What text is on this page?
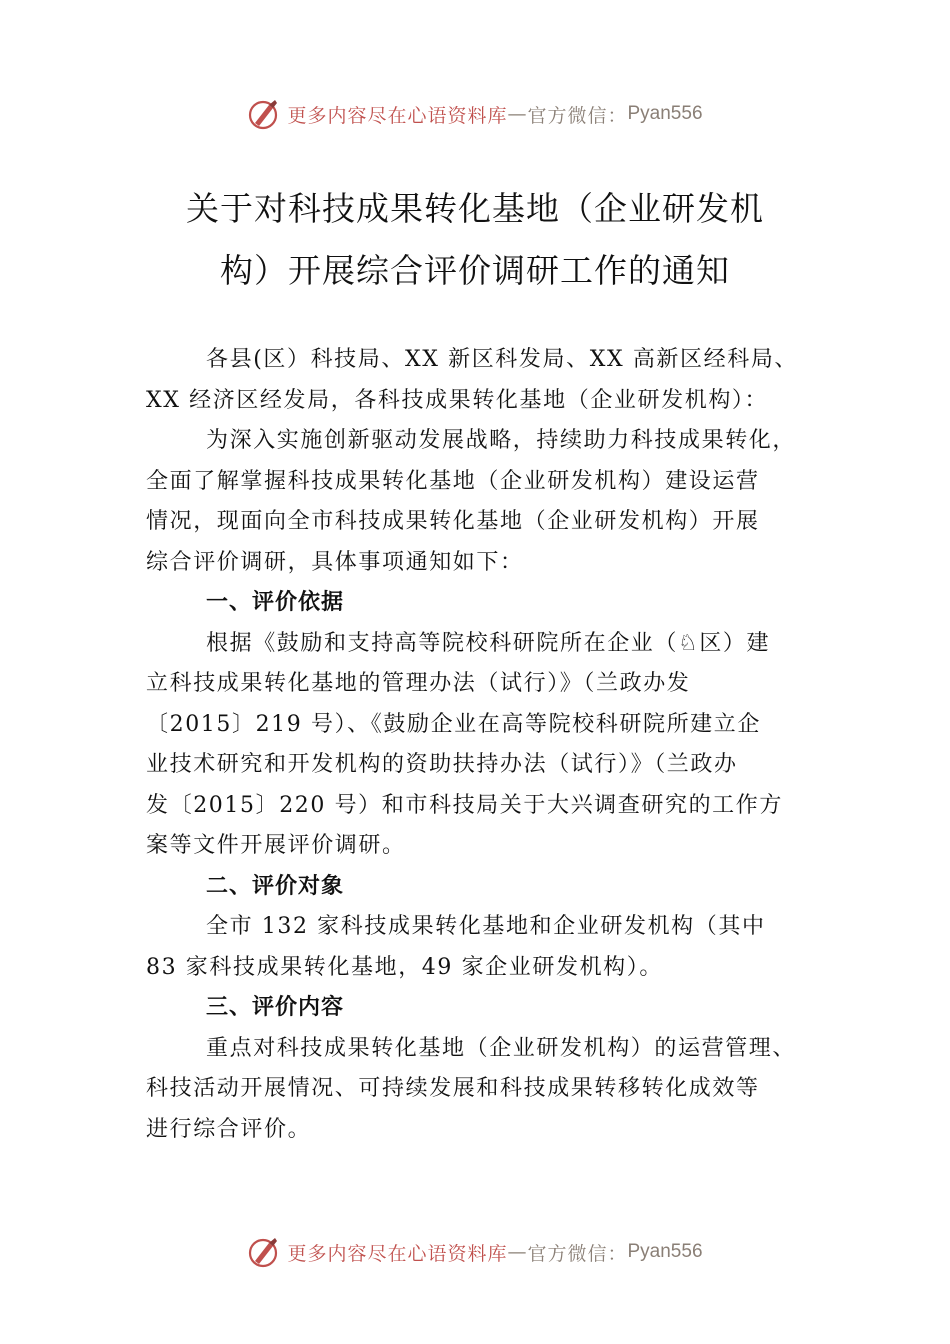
更多内容尽在心语资料库 — 官方微信： Pyan556
关于对科技成果转化基地（企业研发机
构）开展综合评价调研工作的通知
各县(区）科技局、XX 新区科发局、XX 高新区经科局、
XX 经济区经发局，各科技成果转化基地（企业研发机构）：
为深入实施创新驱动发展战略，持续助力科技成果转化，
全面了解掌握科技成果转化基地（企业研发机构）建设运营
情况，现面向全市科技成果转化基地（企业研发机构）开展
综合评价调研，具体事项通知如下：
一、评价依据
根据《鼓励和支持高等院校科研院所在企业（♘区）建
立科技成果转化基地的管理办法（试行）》（兰政办发
〔2015〕219 号）、《鼓励企业在高等院校科研院所建立企
业技术研究和开发机构的资助扶持办法（试行）》（兰政办
发〔2015〕220 号）和市科技局关于大兴调查研究的工作方
案等文件开展评价调研。
二、评价对象
全市 132 家科技成果转化基地和企业研发机构（其中
83 家科技成果转化基地，49 家企业研发机构）。
三、评价内容
重点对科技成果转化基地（企业研发机构）的运营管理、
科技活动开展情况、可持续发展和科技成果转移转化成效等
进行综合评价。
更多内容尽在心语资料库 — 官方微信： Pyan556
